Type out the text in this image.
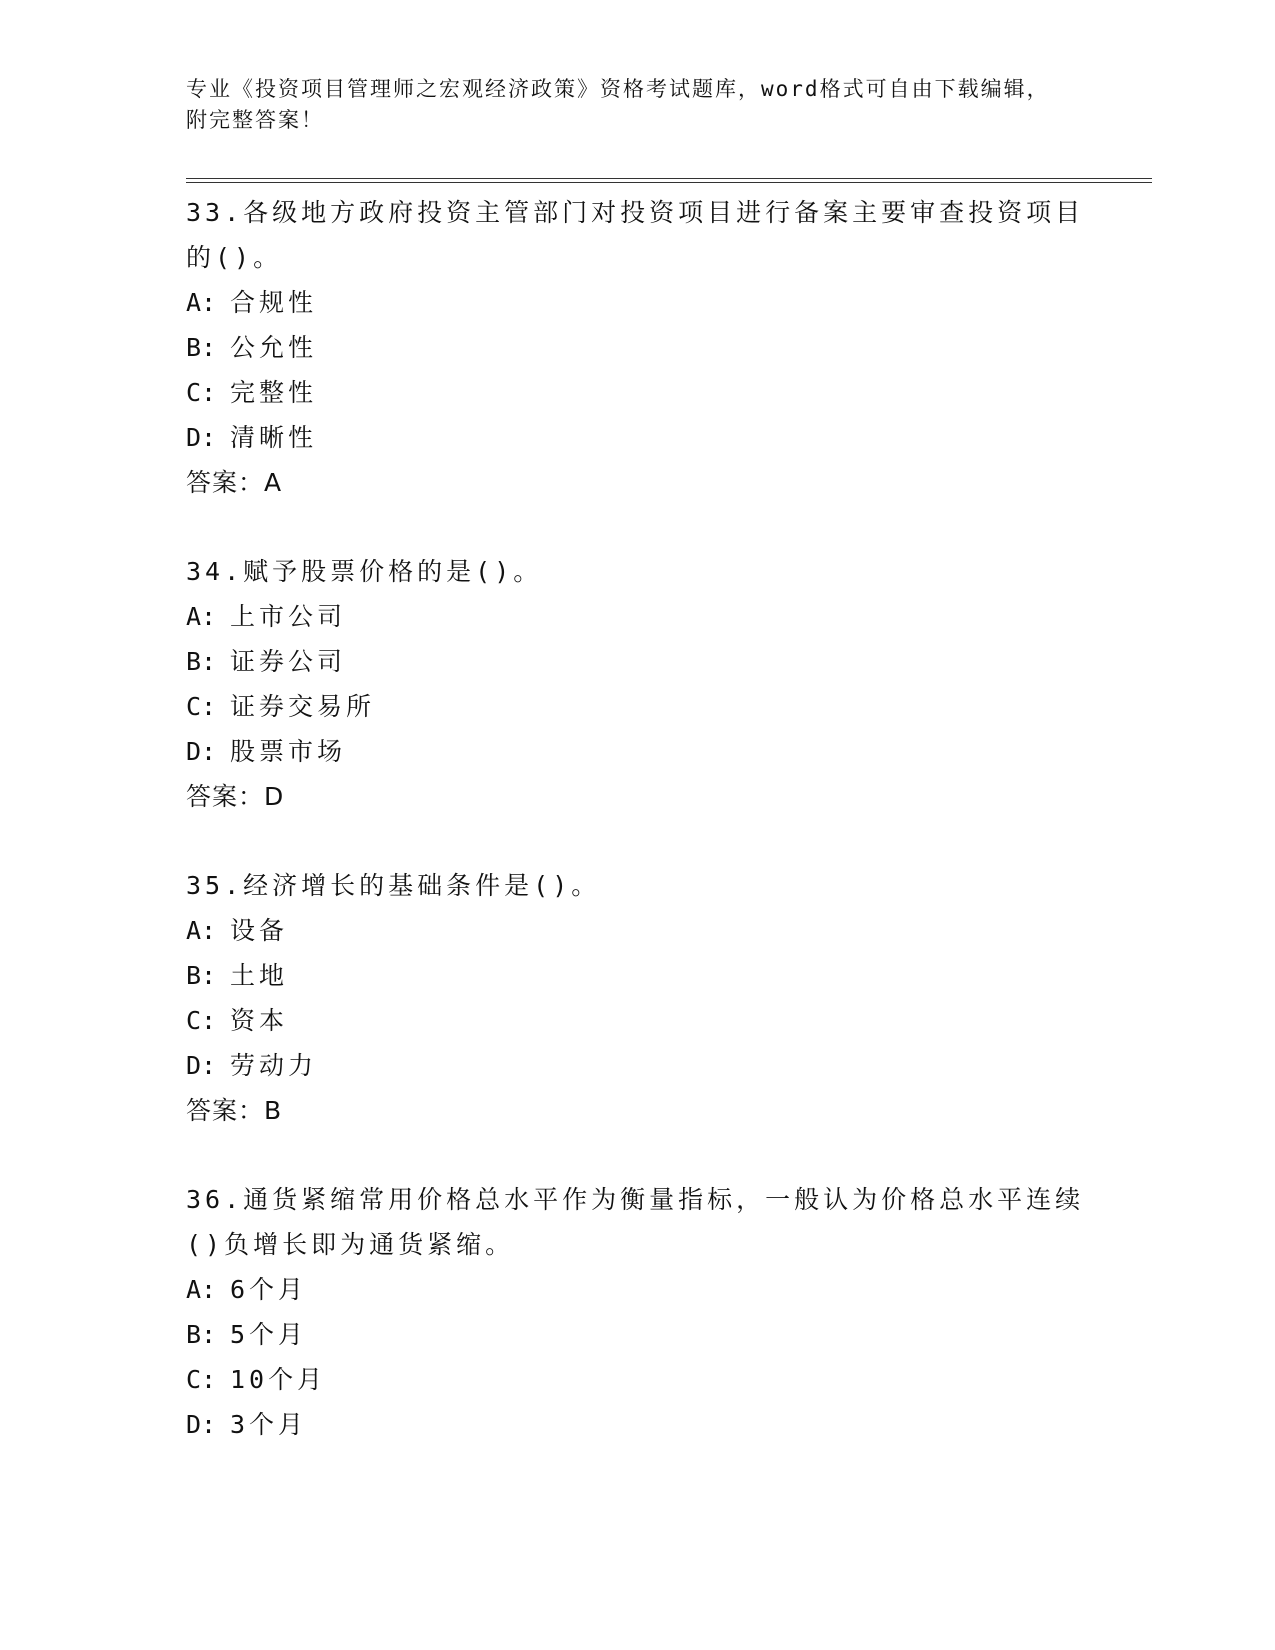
专业《投资项目管理师之宏观经济政策》资格考试题库，word格式可自由下载编辑，附完整答案！
33.各级地方政府投资主管部门对投资项目进行备案主要审查投资项目的()。
A: 合规性
B: 公允性
C: 完整性
D: 清晰性
答案：A
34.赋予股票价格的是()。
A: 上市公司
B: 证券公司
C: 证券交易所
D: 股票市场
答案：D
35.经济增长的基础条件是()。
A: 设备
B: 土地
C: 资本
D: 劳动力
答案：B
36.通货紧缩常用价格总水平作为衡量指标，一般认为价格总水平连续()负增长即为通货紧缩。
A: 6个月
B: 5个月
C: 10个月
D: 3个月
